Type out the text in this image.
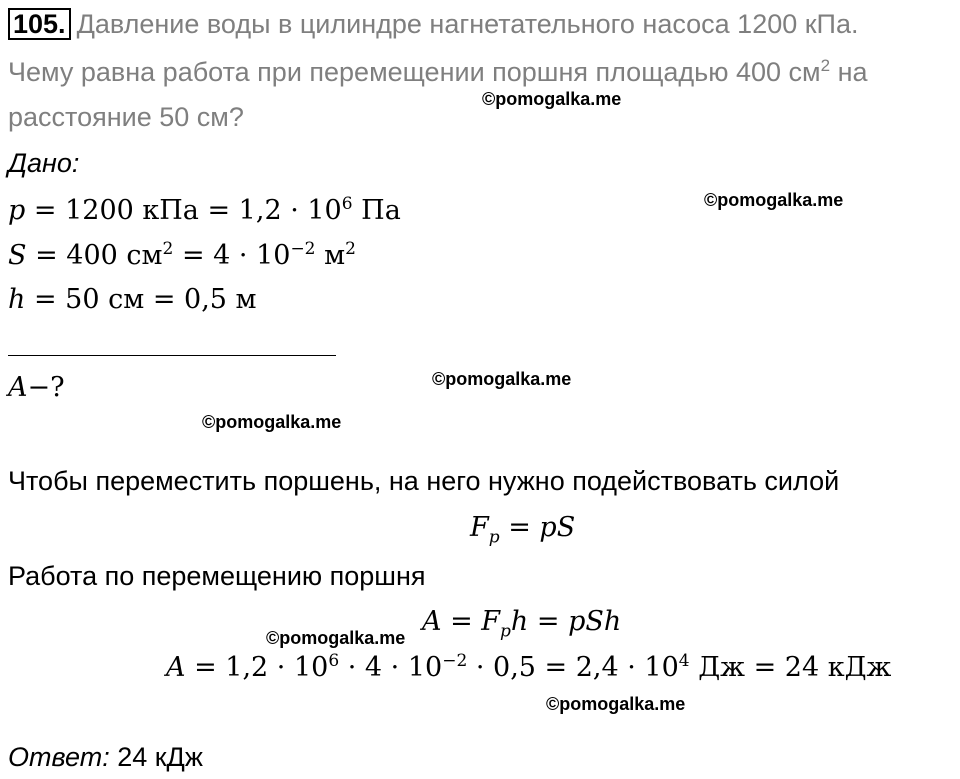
105. Давление воды в цилиндре нагнетательного насоса 1200 кПа.
Чему равна работа при перемещении поршня площадью 400 $см^2$ на
расстояние 50 см?
Дано:
p = 1200 кПа = $1,2 \cdot 10^6$ Па
S = 400 $см^2 = 4 \cdot 10^{-2}$ $м^2$
h = 50 см = 0,5 м
A−?
Чтобы переместить поршень, на него нужно подействовать силой
$F_p$ = pS
Работа по перемещению поршня
$A = F_ph$ = pSh
$A = 1,2 \cdot 10^6 \cdot 4 \cdot 10^{-2} \cdot 0,5 = 2,4 \cdot 10^4$ Дж = 24 кДж
Ответ: 24 кДж
©pomogalka.me
©pomogalka.me
©pomogalka.me
©pomogalka.me
©pomogalka.me
©pomogalka.me
